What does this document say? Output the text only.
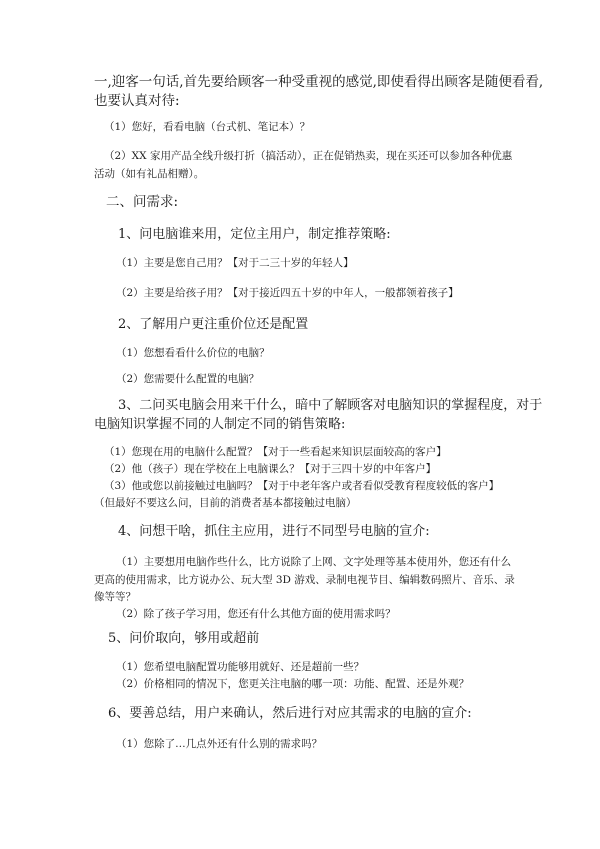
一,迎客一句话,首先要给顾客一种受重视的感觉,即使看得出顾客是随便看看,
也要认真对待:
（1）您好，看看电脑（台式机、笔记本）？
（2）XX 家用产品全线升级打折（搞活动），正在促销热卖，现在买还可以参加各种优惠
活动（如有礼品相赠）。
二、问需求:
1、问电脑谁来用，定位主用户，制定推荐策略:
（1）主要是您自己用？【对于二三十岁的年轻人】
（2）主要是给孩子用？【对于接近四五十岁的中年人，一般都领着孩子】
2、了解用户更注重价位还是配置
（1）您想看看什么价位的电脑？
（2）您需要什么配置的电脑？
3、二问买电脑会用来干什么，暗中了解顾客对电脑知识的掌握程度，对于
电脑知识掌握不同的人制定不同的销售策略:
（1）您现在用的电脑什么配置？【对于一些看起来知识层面较高的客户】
（2）他（孩子）现在学校在上电脑课么？【对于三四十岁的中年客户】
（3）他或您以前接触过电脑吗？【对于中老年客户或者看似受教育程度较低的客户】
（但最好不要这么问，目前的消费者基本都接触过电脑）
4、问想干啥，抓住主应用，进行不同型号电脑的宣介:
（1）主要想用电脑作些什么，比方说除了上网、文字处理等基本使用外，您还有什么
更高的使用需求，比方说办公、玩大型 3D 游戏、录制电视节目、编辑数码照片、音乐、录
像等等？
（2）除了孩子学习用，您还有什么其他方面的使用需求吗？
5、问价取向，够用或超前
（1）您希望电脑配置功能够用就好、还是超前一些？
（2）价格相同的情况下，您更关注电脑的哪一项：功能、配置、还是外观？
6、要善总结，用户来确认，然后进行对应其需求的电脑的宣介:
（1）您除了…几点外还有什么别的需求吗？
